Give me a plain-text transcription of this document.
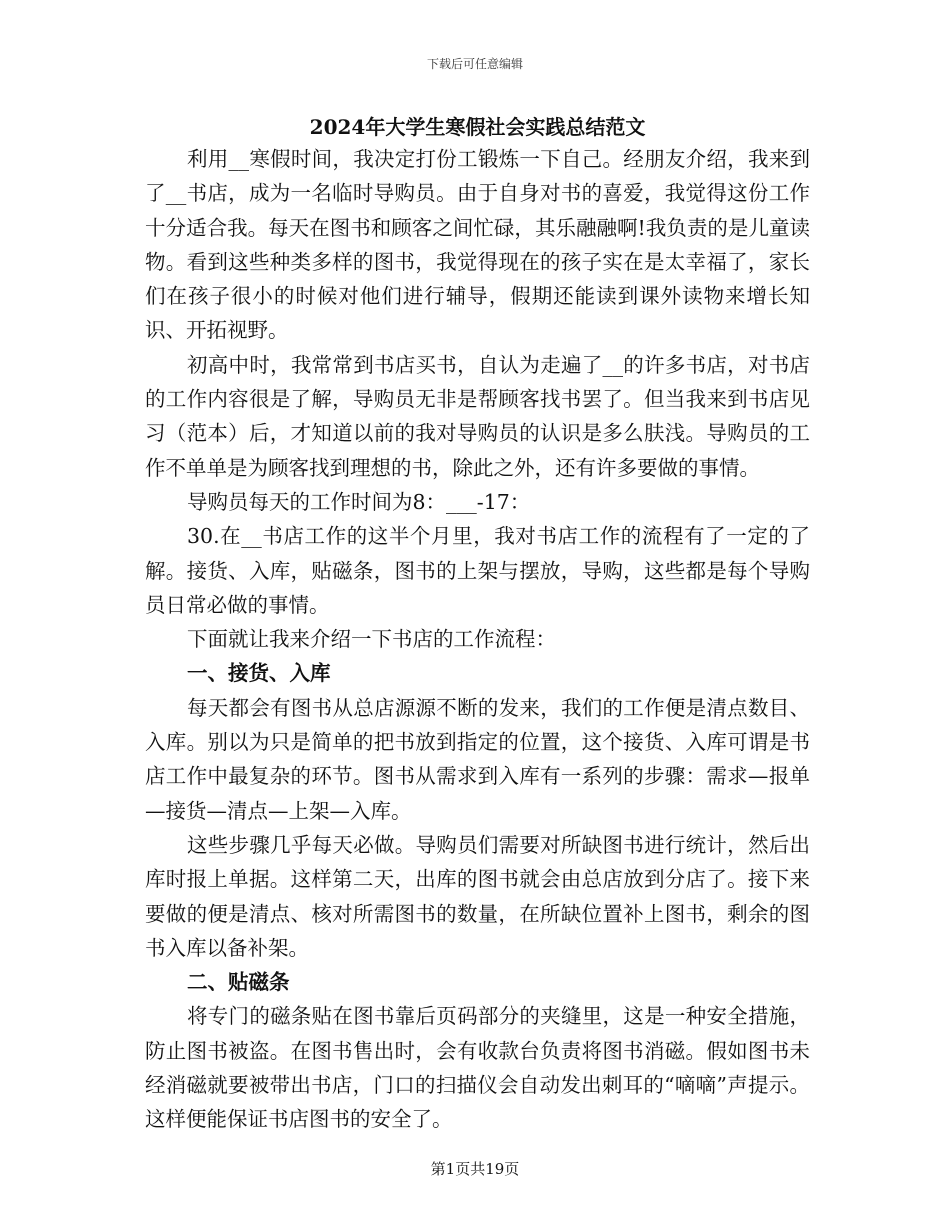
下载后可任意编辑
2024年大学生寒假社会实践总结范文
利用__寒假时间，我决定打份工锻炼一下自己。经朋友介绍，我来到了__书店，成为一名临时导购员。由于自身对书的喜爱，我觉得这份工作十分适合我。每天在图书和顾客之间忙碌，其乐融融啊!我负责的是儿童读物。看到这些种类多样的图书，我觉得现在的孩子实在是太幸福了，家长们在孩子很小的时候对他们进行辅导，假期还能读到课外读物来增长知识、开拓视野。
初高中时，我常常到书店买书，自认为走遍了__的许多书店，对书店的工作内容很是了解，导购员无非是帮顾客找书罢了。但当我来到书店见习（范本）后，才知道以前的我对导购员的认识是多么肤浅。导购员的工作不单单是为顾客找到理想的书，除此之外，还有许多要做的事情。
导购员每天的工作时间为8：___-17：
30.在__书店工作的这半个月里，我对书店工作的流程有了一定的了解。接货、入库，贴磁条，图书的上架与摆放，导购，这些都是每个导购员日常必做的事情。
下面就让我来介绍一下书店的工作流程：
一、接货、入库
每天都会有图书从总店源源不断的发来，我们的工作便是清点数目、入库。别以为只是简单的把书放到指定的位置，这个接货、入库可谓是书店工作中最复杂的环节。图书从需求到入库有一系列的步骤：需求—报单—接货—清点—上架—入库。
这些步骤几乎每天必做。导购员们需要对所缺图书进行统计，然后出库时报上单据。这样第二天，出库的图书就会由总店放到分店了。接下来要做的便是清点、核对所需图书的数量，在所缺位置补上图书，剩余的图书入库以备补架。
二、贴磁条
将专门的磁条贴在图书靠后页码部分的夹缝里，这是一种安全措施，防止图书被盗。在图书售出时，会有收款台负责将图书消磁。假如图书未经消磁就要被带出书店，门口的扫描仪会自动发出刺耳的“嘀嘀”声提示。这样便能保证书店图书的安全了。
第1页共19页
